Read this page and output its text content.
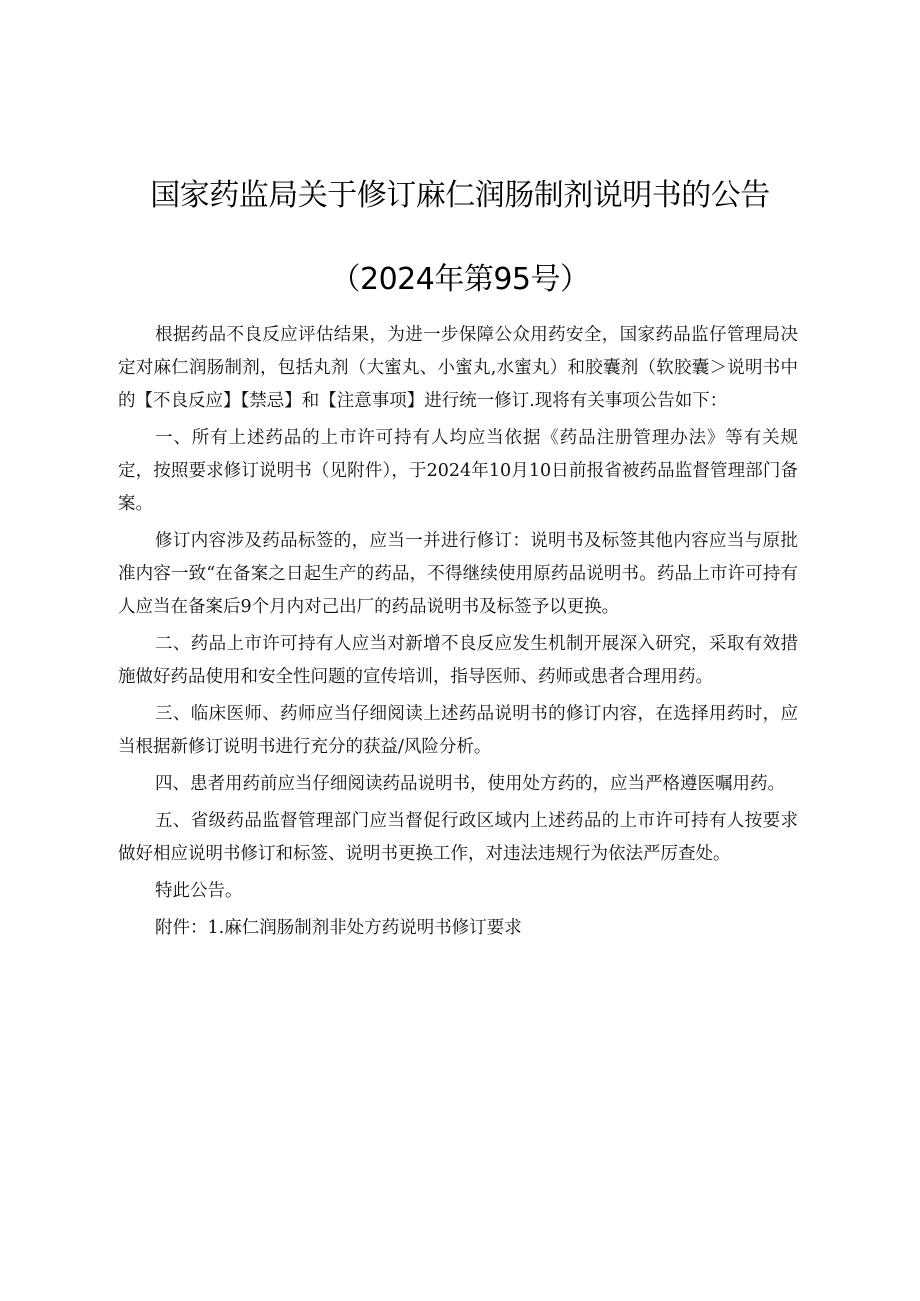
国家药监局关于修订麻仁润肠制剂说明书的公告
（2024年第95号）

根据药品不良反应评估结果，为进一步保障公众用药安全，国家药品监仔管理局决定对麻仁润肠制剂，包括丸剂（大蜜丸、小蜜丸,水蜜丸）和胶囊剂（软胶囊＞说明书中的【不良反应】【禁忌】和【注意事项】进行统一修订.现将有关事项公告如下：

一、所有上述药品的上市许可持有人均应当依据《药品注册管理办法》等有关规定，按照要求修订说明书（见附件），于2024年10月10日前报省被药品监督管理部门备案。

修订内容涉及药品标签的，应当一并进行修订：说明书及标签其他内容应当与原批准内容一致“在备案之日起生产的药品，不得继续使用原药品说明书。药品上市许可持有人应当在备案后9个月内对己出厂的药品说明书及标签予以更换。

二、药品上市许可持有人应当对新增不良反应发生机制开展深入研究，采取有效措施做好药品使用和安全性问题的宣传培训，指导医师、药师或患者合理用药。

三、临床医师、药师应当仔细阅读上述药品说明书的修订内容，在选择用药时，应当根据新修订说明书进行充分的获益/风险分析。

四、患者用药前应当仔细阅读药品说明书，使用处方药的，应当严格遵医嘱用药。

五、省级药品监督管理部门应当督促行政区域内上述药品的上市许可持有人按要求做好相应说明书修订和标签、说明书更换工作，对违法违规行为依法严厉查处。

特此公告。

附件：1.麻仁润肠制剂非处方药说明书修订要求
